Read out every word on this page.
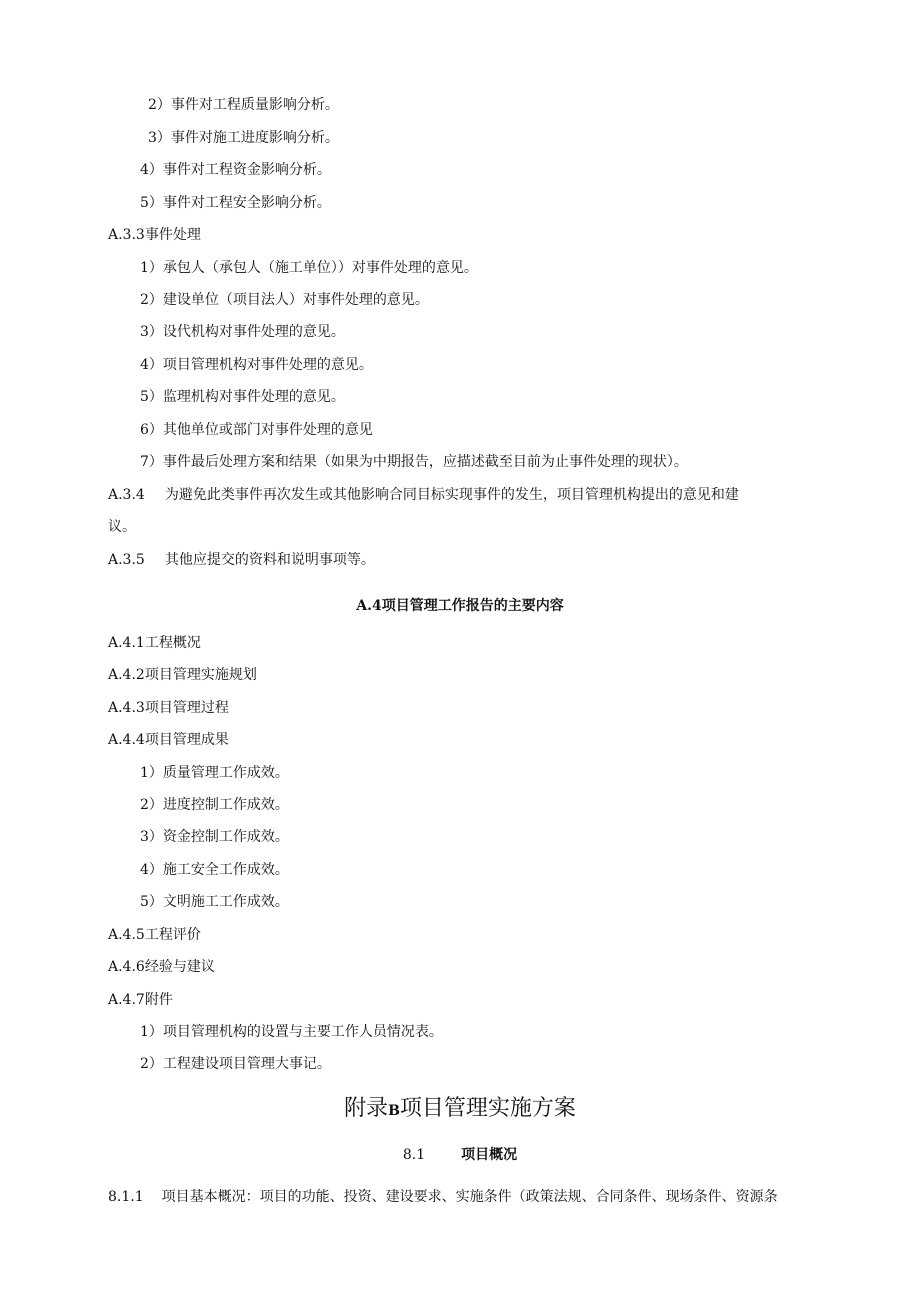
2）事件对工程质量影响分析。
3）事件对施工进度影响分析。
4）事件对工程资金影响分析。
5）事件对工程安全影响分析。
A.3.3事件处理
1）承包人（承包人（施工单位））对事件处理的意见。
2）建设单位（项目法人）对事件处理的意见。
3）设代机构对事件处理的意见。
4）项目管理机构对事件处理的意见。
5）监理机构对事件处理的意见。
6）其他单位或部门对事件处理的意见
7）事件最后处理方案和结果（如果为中期报告，应描述截至目前为止事件处理的现状）。
A.3.4 为避免此类事件再次发生或其他影响合同目标实现事件的发生，项目管理机构提出的意见和建
议。
A.3.5 其他应提交的资料和说明事项等。
A.4项目管理工作报告的主要内容
A.4.1工程概况
A.4.2项目管理实施规划
A.4.3项目管理过程
A.4.4项目管理成果
1）质量管理工作成效。
2）进度控制工作成效。
3）资金控制工作成效。
4）施工安全工作成效。
5）文明施工工作成效。
A.4.5工程评价
A.4.6经验与建议
A.4.7附件
1）项目管理机构的设置与主要工作人员情况表。
2）工程建设项目管理大事记。
附录B项目管理实施方案
8.1	项目概况
8.1.1 项目基本概况：项目的功能、投资、建设要求、实施条件（政策法规、合同条件、现场条件、资源条
